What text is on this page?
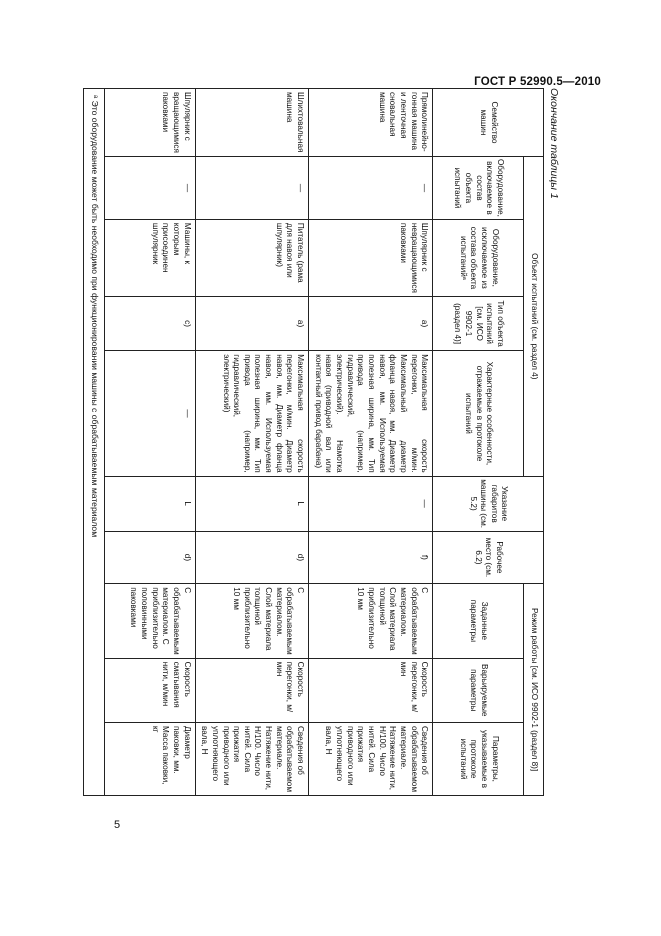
ГОСТ Р 52990.5—2010
Окончание таблицы 1
Семейство машин	Объект испытаний (см. раздел 4)				Указание габаритов машины (см. 5.2)	Рабочее место (см. 6.2)	Режим работы [см. ИСО 9902-1 (раздел 8)]		
	Оборудование, включаемое в состав объекта испытаний	Оборудование, исключаемое из состава объекта испытанийᵃ	Тип объекта испытаний [см. ИСО 9902-1 (раздел 4)]	Характерные особенности, отражаемые в протоколе испытаний			Заданные параметры	Варьируемые параметры	Параметры, указываемые в протоколе испытаний
Прямолинейно-гонная машина и ленточная сновальная машина	—	Шпулярник с неврaщающимися паковками	a)	Максимальная скорость перегонки, м/мин. Максимальный диаметр фланца навоя, мм. Диаметр навоя, мм. Используемая полезная ширина, мм. Тип привода (например, гидравлический, электрический). Намотка навоя (приводной вал или контактный привод барабана)	—	f)	С обрабатываемым материалом. Слой материала толщиной приблизительно 10 мм	Скорость перегонки, м/мин	Сведения об обрабатываемом материале. Натяжение нити, Н/100. Число нитей. Сила прижатия приводного или уплотняющего вала, Н
Шлихтовальная машина	—	Питатель (рама для навоя или шпулярник)	a)	Максимальная скорость перегонки, м/мин. Диаметр навоя, мм. Диаметр фланца навоя, мм. Используемая полезная ширина, мм. Тип привода (например, гидравлический, электрический)	L	d)	С обрабатываемым материалом. Слой материала толщиной приблизительно 10 мм	Скорость перегонки, м/мин	Сведения об обрабатываемом материале. Натяжение нити, Н/100. Число нитей. Сила прижатия приводного или уплотняющего вала, Н
Шпулярник с вращающимися паковками	—	Машины, к которым присоединен шпулярник	c)	—	L	d)	С обрабатываемым материалом. С приблизительно половинными паковками	Скорость сматывания нити, м/мин	Диаметр паковки, мм. Масса паковки, кг
ᵃ Это оборудование может быть необходимо при функционировании машины с обрабатываемым материалом									
5
